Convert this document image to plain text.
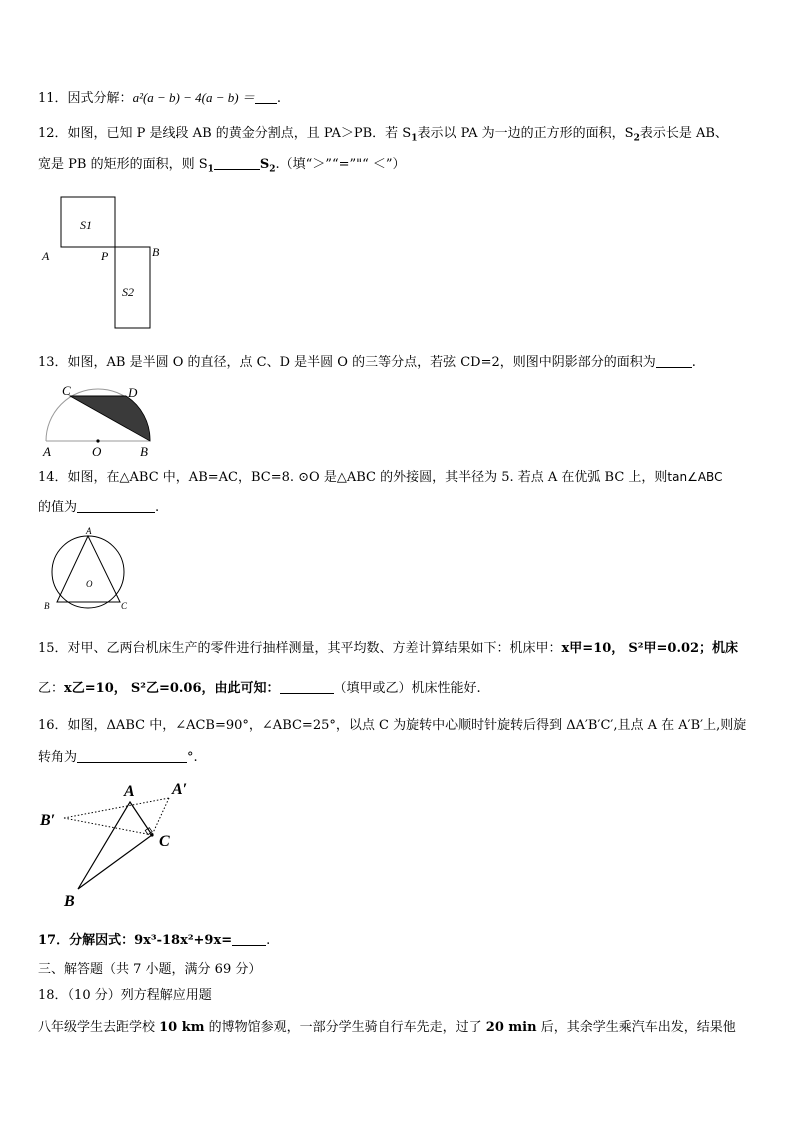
11．因式分解：a²(a − b) − 4(a − b) ＝ .
12．如图，已知 P 是线段 AB 的黄金分割点，且 PA＞PB．若 $S_1$表示以 PA 为一边的正方形的面积，$S_2$表示长是 AB、
宽是 PB 的矩形的面积，则 $S_1$	$S_2$.（填“＞”“=”"“ ＜”）
S1
S2
A	P	B
13．如图，AB 是半圆 O 的直径，点 C、D 是半圆 O 的三等分点，若弦 CD=2，则图中阴影部分的面积为	.
C	D
A	O	B
14．如图，在△ABC 中，AB=AC，BC=8. ⊙O 是△ABC 的外接圆，其半径为 5. 若点 A 在优弧 BC 上，则tan∠ABC
的值为	.
A
O
B	C
15．对甲、乙两台机床生产的零件进行抽样测量，其平均数、方差计算结果如下：机床甲：x甲=10， S²甲=0.02；机床
乙：x乙=10， S²乙=0.06，由此可知：	（填甲或乙）机床性能好.
16．如图，ΔABC 中，∠ACB=90°，∠ABC=25°，以点 C 为旋转中心顺时针旋转后得到 ΔA′B′C′,且点 A 在 A′B′上,则旋
转角为	°.
A A′
B′
C
B
17．分解因式：9x³-18x²+9x=	.
三、解答题（共 7 小题，满分 69 分）
18．（10 分）列方程解应用题
八年级学生去距学校 10 km 的博物馆参观，一部分学生骑自行车先走，过了 20 min 后，其余学生乘汽车出发，结果他
